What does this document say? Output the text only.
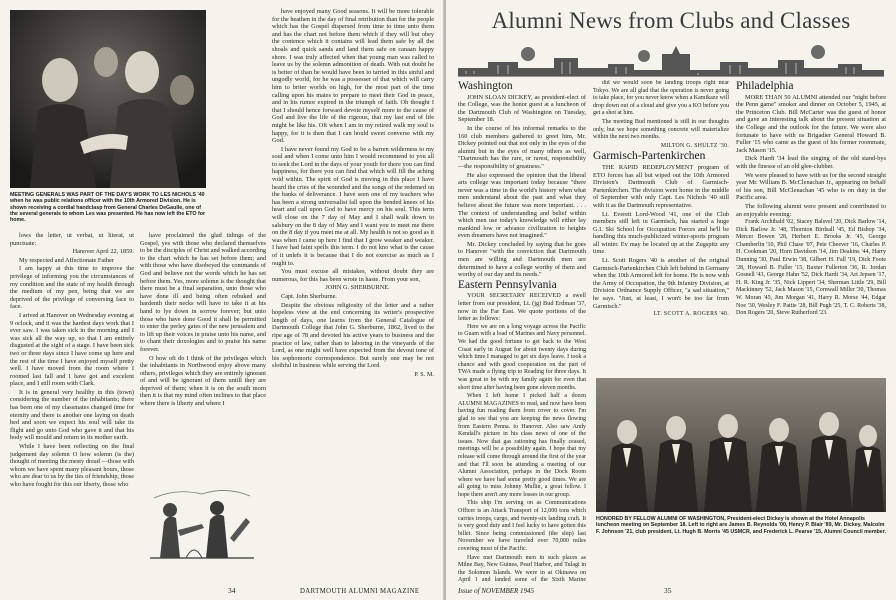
MEETING GENERALS WAS PART OF THE DAY'S WORK TO LES NICHOLS '40 when he was public relations officer with the 10th Armored Division. He is shown receiving a cordial handclasp from General Charles DeGaulle, one of the several generals to whom Les was presented. He has now left the ETO for home.

lows the letter, ut verbat, ut literat, ut punctuate:

Hanover April 22, 1859.

My respected and Affectionate Father

I am happy at this time to improve the privilege of informing you the circumstances of my condition and the state of my health through the medium of my pen, being that we are deprived of the privilege of conversing face to face.

I arived at Hanover on Wednesday evening at 9 oclock, and it was the hardest days work that I ever saw. I was taken sick in the morning and I was sick all the way up, so that I am entirely disgusted at the sight of a stage. I have been sick two or three days since I have come up here and the rest of the time I have enjoyed myself pretty well. I have moved from the room where I roomed last fall and I have got and excelent place, and I still room with Clark.

It is in general very healthy in this (town) considering the number of the inhabitants; there has been one of my classmates changed time for eternity and there is another one laying on death bed and soon we expect his soul will take its flight and go unto God who gave it and that his body will mould and return to its mother earth.

While I have been reflecting on the final judgement day solemn O how solemn (is the) thought of meeting the mesty dread —those with whom we have spent many pleasant hours, those who are dear to us by the ties of friendship, those who have fought for this our liberty, those who

have proclaimed the glad tidings of the Gospel, yes with those who declared themselves to be the disciples of Christ and walked according to the chart which he has set before them; and with those who have disobeyed the commands of God and believe not the words which he has set before them. Yes, more solemn is the thought that there must be a final separation, unto those who have done ill and being often rebuked and hardenth their necks will have to take it at his hand to lye down in sorrow forever; but unto those who have done Good it shall be permitted to enter the perley gates of the new jerusalem and to lift up their voices in praise unto his name, and to chant their doxologies and to praise his name forever.

O how oft do I think of the privileges which the inhabitants in Northwood enjoy above many others, privileges which they are entirely ignorant of and will be ignorant of them untill they are deprived of them; when it is on the south morn then it is that my mind often inclines to that place where there is liberty and where I

have enjoyed many Good seasons. It will be more tolerable for the heathen in the day of final retribution than for the people which has the Gospel dispersed from time to time unto them and has the chart not before them which if they will but obey the contence which it contains will lead them safe by all the shoals and quick sands and land them safe on canaan happy shore. I was truly affected when that young man was called to leave us by the solemn admonition of death. With out doubt he is better of than he would have been to tarried in this sinful and ungodly world, for he was a possesser of that which will carry him to briter worlds on high, for the most part of the time calling upon his mates to prepare to meet their God in peace, and in his rumor expired in the triumph of faith. Oh thought I that I should hence forward devote myself more to the cause of God and live the life of the rigeous, that my last end of life might be like his. Oft when I am in my retired walk my soul is happy, for it is then that I can hould sweet converse with my God.

I have never found my God to be a barren wilderness to my soul and when I come unto him I would recommend to you all to seek the Lord in the days of your youth for there you can find happiness, for there you can find that which will fill the aching void within. The spirit of God is moving in this place I have heard the cries of the wounded and the songs of the redemed on the banks of deliverance. I have seen one of my teachers who has been a strong universalist fall upon the bended knees of his heart and call upon God to have mercy on his soul. This term will close on the 7 day of May and I shall walk down to salsbury on the 8 day of May and I want you to meet me there on the 8 day if you meet me at all. My health is not so good as it was when I came up here I find that I grow weaker and weaker. I have had faint spells this term. I do not kno what is the cause of it unlefs it is because that I do not exercise as much as I ought to.

You must excuse all mistakes, without doubt they are numerous, for this has been wrote in haste. From your son,

JOHN G. SHERBURNE.

Capt. John Sherburne.

Despite the obvious religiosity of the letter and a rather hopeless view at the end concerning its writer's prospective length of days, one learns from the General Catalogue of Dartmouth College that John G. Sherburne, 1862, lived to the ripe age of 78 and devoted his active years to business and the practice of law, rather than to laboring in the vineyards of the Lord, as one might well have expected from the devout tone of his sophomoric correspondence. But surely one may be not slothful in business while serving the Lord.

P. S. M.

34	DARTMOUTH ALUMNI MAGAZINE
Alumni News from Clubs and Classes
Washington

JOHN SLOAN DICKEY, as president-elect of the College, was the honor guest at a luncheon of the Dartmouth Club of Washington on Tuesday, September 18.

In the course of his informal remarks to the 160 club members gathered to greet him, Mr. Dickey pointed out that not only in the eyes of the alumni but in the eyes of many others as well, "Dartmouth has the rare, or rarest, responsibility—the responsibility of greatness."

He also expressed the opinion that the liberal arts college was important today because "there never was a time in the world's history when what men understand about the past and what they believe about the future was more important. . . . The context of understanding and belief within which men use today's knowledge will either lay mankind low or advance civilization to heights even dreamers have not imagined."

Mr. Dickey concluded by saying that he goes to Hanover "with the conviction that Dartmouth men are willing and Dartmouth men are determined to have a college worthy of them and worthy of our day and its needs."

Eastern Pennsylvania

YOUR SECRETARY RECEIVED a swell letter from our president, Lt. (jg) Bud Erdman '37, now in the Far East. We quote portions of the letter as follows:

Here we are on a long voyage across the Pacific to Guam with a load of Marines and Navy personnel. We had the good fortune to get back to the West Coast early in August for about twenty days during which time I managed to get six days leave. I took a chance and with good cooperation on the part of TWA made a flying trip to Reading for three days. It was great to be with my family again for even that short time after having been gone eleven months.

When I left home I picked half a dozen ALUMNI MAGAZINES to read, and now have been having fun reading them from cover to cover. I'm glad to see that you are keeping the news flowing from Eastern Penna. to Hanover. Also saw Andy Kendall's picture in his class news of one of the issues. Now that gas rationing has finally ceased, meetings will be a possibility again. I hope that my release will come through around the first of the year and that I'll soon be attending a meeting of our Alumni Association, perhaps in the Dock Room where we have had some pretty good times. We are all going to miss Johnny Mullin, a great fellow. I hope there aren't any more losses in our group.

This ship I'm serving on as Communications Officer is an Attack Transport of 12,000 tons which carries troops, cargo, and twenty-six landing craft. It is very good duty and I feel lucky to have gotten this billet. Since being commissioned (the ship) last November we have traveled over 70,000 miles covering most of the Pacific.

Have met Dartmouth men in such places as Milne Bay, New Guinea, Pearl Harbor, and Tulagi in the Solomon Islands. We were in at Okinawa on April 1 and landed some of the Sixth Marine

did we would soon be landing troops right near Tokyo. We are all glad that the operation is never going to take place, for you never know when a Kamikaze will drop down out of a cloud and give you a KO before you get a shot at him.

The meeting Bud mentioned is still in our thoughts only, but we hope something concrete will materialize within the next two months.

MILTON G. SHULTZ '30.

Garmisch-Partenkirchen

THE RAPID REDEPLOYMENT program of ETO forces has all but wiped out the 10th Armored Division's Dartmouth Club of Garmisch-Partenkirchen. The division went home in the middle of September with only Capt. Les Nichols '40 still with it as the Dartmouth representative.

Lt. Everett Lord-Wood '41, one of the Club members still left in Garmisch, has started a huge G.I. Ski School for Occupation Forces and he'll be handling this much-publicized winter-sports program all winter. Ev may be located up at the Zugspitz any time.

Lt. Scott Rogers '40 is another of the original Garmisch-Partenkirchen Club left behind in Germany when the 10th Armored left for home. He is now with the Army of Occupation, the 9th Infantry Division, at Division Ordnance Supply Officer, "a sad situation," he says. "Just, at least, I won't be too far from Garmisch."

LT. SCOTT A. ROGERS '40.

Philadelphia

MORE THAN 50 ALUMNI attended our "night before the Penn game" smoker and dinner on October 5, 1945, at the Princeton Club. Bill McCarter was the guest of honor and gave an interesting talk about the present situation at the College and the outlook for the future. We were also fortunate to have with us Brigadier General Howard B. Fuller '15 who came as the guest of his former roommate, Jack Mason '15.

Dick Hardt '34 lead the singing of the old stand-bys with the finesse of an old glee-clubber.

We were pleased to have with us for the second straight year Mr. William B. McClenachan Jr., appearing on behalf of his son, Bill McClenachan '45 who is on duty in the Pacific area.

The following alumni were present and contributed to an enjoyable evening:

Frank Archibald '02, Stacey Balsvel '20, Dick Barlow '14, Dick Barlow Jr. '48, Thornton Birdsall '45, Ed Bishop '34, Mercer Bowen '28, Herbert E. Brooks Jr. '45, George Chamberlin '10, Phil Chase '07, Pete Cheever '16, Charles P. H. Cookman '20, Horn Davidson '14, Jim Deakins '44, Harry Dunning '30, Paul Erwin '38, Gilbert H. Fall '19, Dick Foote '28, Howard B. Fuller '15, Baxter Fullerton '36, R. Jordan Gosnell '43, George Hahn '52, Dick Hardt '34, Art Jepsen '17, H. R. King Jr. '35, Nick Lippert '34, Sherman Little '29, Bill Mackinney '52, Jack Mason '15, Cornwall Miller '30, Thomas W. Moran '45, Jim Morgan '41, Harry R. Morse '44, Edgar Noe '30, Wesley F. Pattie '28, Bill Pugh '25, T. C. Roberts '38, Don Rogers '20, Steve Rutherford '23.

HONORED BY FELLOW ALUMNI OF WASHINGTON, President-elect Dickey is shown at the Hotel Annapolis luncheon meeting on September 18. Left to right are James B. Reynolds '00, Henry P. Blair '89, Mr. Dickey, Malcolm F. Johnson '21, club president, Lt. Hugh B. Morris '45 USMCR, and Frederick L. Pearse '15, Alumni Council member.
Issue of NOVEMBER 1945	35
